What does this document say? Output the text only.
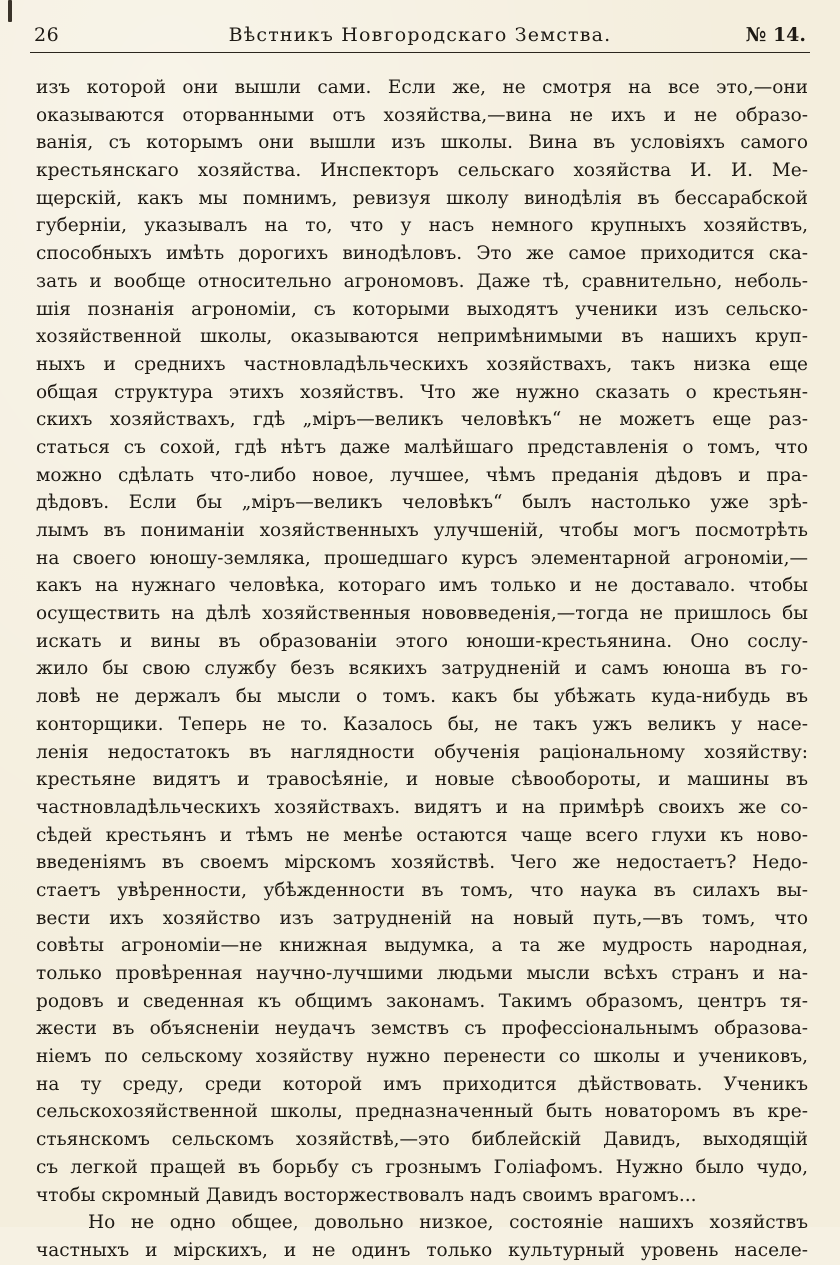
26	Вѣстникъ Новгородскаго Земства.	№ 14.
изъ которой они вышли сами. Если же, не смотря на все это,—они
оказываются оторванными отъ хозяйства,—вина не ихъ и не образо-
ванія, съ которымъ они вышли изъ школы. Вина въ условіяхъ самого
крестьянскаго хозяйства. Инспекторъ сельскаго хозяйства И. И. Ме-
щерскій, какъ мы помнимъ, ревизуя школу винодѣлія въ бессарабской
губерніи, указывалъ на то, что у насъ немного крупныхъ хозяйствъ,
способныхъ имѣть дорогихъ винодѣловъ. Это же самое приходится ска-
зать и вообще относительно агрономовъ. Даже тѣ, сравнительно, неболь-
шія познанія агрономіи, съ которыми выходятъ ученики изъ сельско-
хозяйственной школы, оказываются непримѣнимыми въ нашихъ круп-
ныхъ и среднихъ частновладѣльческихъ хозяйствахъ, такъ низка еще
общая структура этихъ хозяйствъ. Что же нужно сказать о крестьян-
скихъ хозяйствахъ, гдѣ „міръ—великъ человѣкъ“ не можетъ еще раз-
статься съ сохой, гдѣ нѣтъ даже малѣйшаго представленія о томъ, что
можно сдѣлать что-либо новое, лучшее, чѣмъ преданія дѣдовъ и пра-
дѣдовъ. Если бы „міръ—великъ человѣкъ“ былъ настолько уже зрѣ-
лымъ въ пониманіи хозяйственныхъ улучшеній, чтобы могъ посмотрѣть
на своего юношу-земляка, прошедшаго курсъ элементарной агрономіи,—
какъ на нужнаго человѣка, котораго имъ только и не доставало. чтобы
осуществить на дѣлѣ хозяйственныя нововведенія,—тогда не пришлось бы
искать и вины въ образованіи этого юноши-крестьянина. Оно сослу-
жило бы свою службу безъ всякихъ затрудненій и самъ юноша въ го-
ловѣ не держалъ бы мысли о томъ. какъ бы убѣжать куда-нибудь въ
конторщики. Теперь не то. Казалось бы, не такъ ужъ великъ у насе-
ленія недостатокъ въ наглядности обученія раціональному хозяйству:
крестьяне видятъ и травосѣяніе, и новые сѣвообороты, и машины въ
частновладѣльческихъ хозяйствахъ. видятъ и на примѣрѣ своихъ же со-
сѣдей крестьянъ и тѣмъ не менѣе остаются чаще всего глухи къ ново-
введеніямъ въ своемъ мірскомъ хозяйствѣ. Чего же недостаетъ? Недо-
стаетъ увѣренности, убѣжденности въ томъ, что наука въ силахъ вы-
вести ихъ хозяйство изъ затрудненій на новый путь,—въ томъ, что
совѣты агрономіи—не книжная выдумка, а та же мудрость народная,
только провѣренная научно-лучшими людьми мысли всѣхъ странъ и на-
родовъ и сведенная къ общимъ законамъ. Такимъ образомъ, центръ тя-
жести въ объясненіи неудачъ земствъ съ профессіональнымъ образова-
ніемъ по сельскому хозяйству нужно перенести со школы и учениковъ,
на ту среду, среди которой имъ приходится дѣйствовать. Ученикъ
сельскохозяйственной школы, предназначенный быть новаторомъ въ кре-
стьянскомъ сельскомъ хозяйствѣ,—это библейскій Давидъ, выходящій
съ легкой пращей въ борьбу съ грознымъ Голіафомъ. Нужно было чудо,
чтобы скромный Давидъ восторжествовалъ надъ своимъ врагомъ...
Но не одно общее, довольно низкое, состояніе нашихъ хозяйствъ
частныхъ и мірскихъ, и не одинъ только культурный уровень населе-
